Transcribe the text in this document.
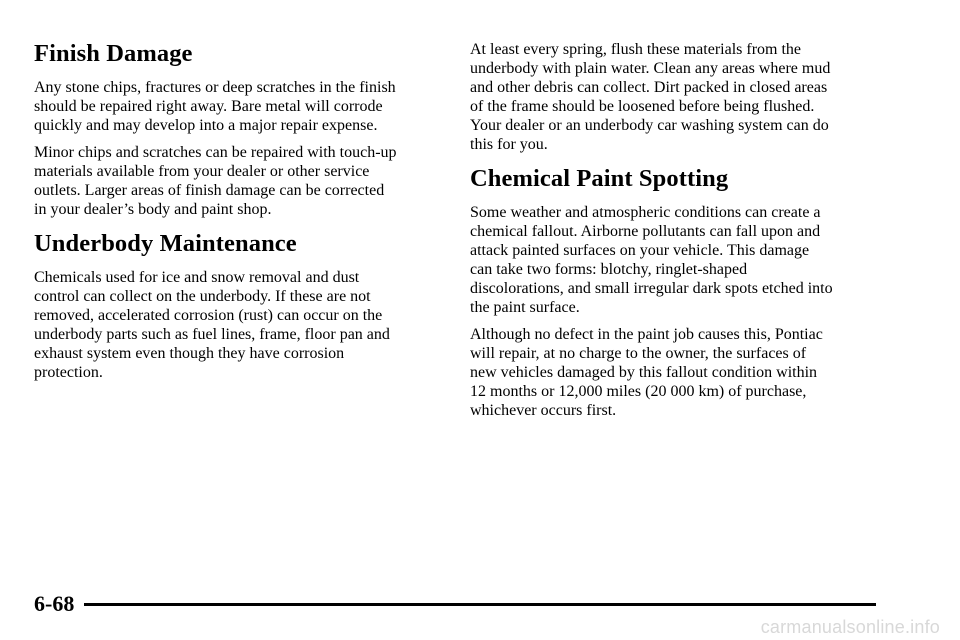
Finish Damage

Any stone chips, fractures or deep scratches in the finish
should be repaired right away. Bare metal will corrode
quickly and may develop into a major repair expense.

Minor chips and scratches can be repaired with touch-up
materials available from your dealer or other service
outlets. Larger areas of finish damage can be corrected
in your dealer’s body and paint shop.

Underbody Maintenance

Chemicals used for ice and snow removal and dust
control can collect on the underbody. If these are not
removed, accelerated corrosion (rust) can occur on the
underbody parts such as fuel lines, frame, floor pan and
exhaust system even though they have corrosion
protection.

At least every spring, flush these materials from the
underbody with plain water. Clean any areas where mud
and other debris can collect. Dirt packed in closed areas
of the frame should be loosened before being flushed.
Your dealer or an underbody car washing system can do
this for you.

Chemical Paint Spotting

Some weather and atmospheric conditions can create a
chemical fallout. Airborne pollutants can fall upon and
attack painted surfaces on your vehicle. This damage
can take two forms: blotchy, ringlet-shaped
discolorations, and small irregular dark spots etched into
the paint surface.

Although no defect in the paint job causes this, Pontiac
will repair, at no charge to the owner, the surfaces of
new vehicles damaged by this fallout condition within
12 months or 12,000 miles (20 000 km) of purchase,
whichever occurs first.

6-68
carmanualsonline.info
